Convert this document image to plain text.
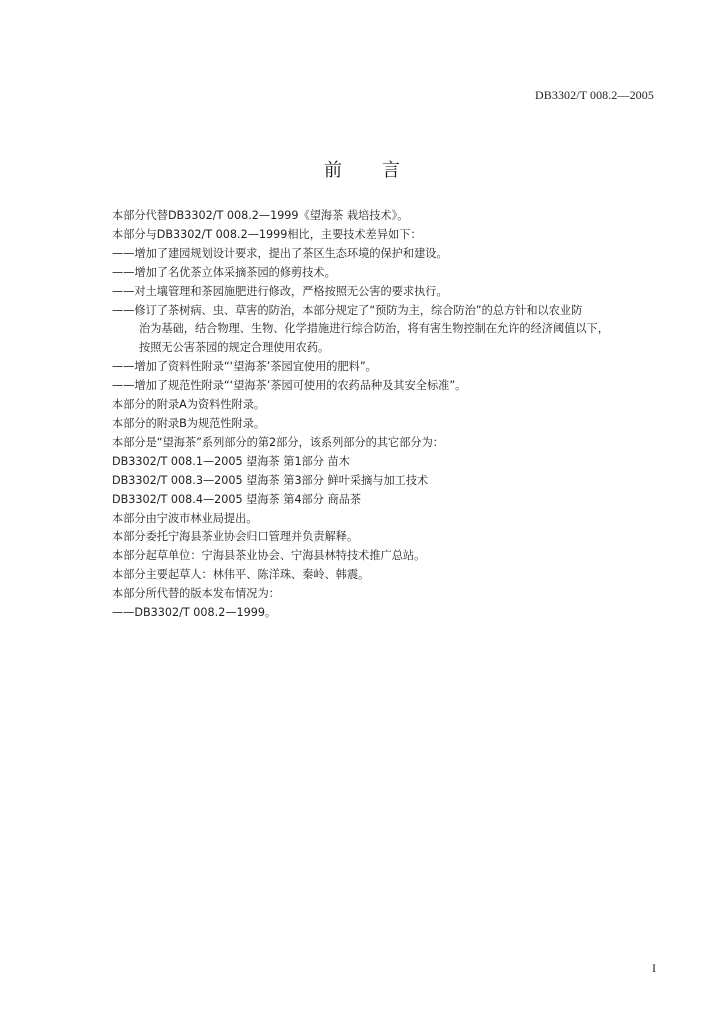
DB3302/T 008.2—2005
前言
本部分代替DB3302/T 008.2—1999《望海茶 栽培技术》。
本部分与DB3302/T 008.2—1999相比，主要技术差异如下：
——增加了建园规划设计要求，提出了茶区生态环境的保护和建设。
——增加了名优茶立体采摘茶园的修剪技术。
——对土壤管理和茶园施肥进行修改，严格按照无公害的要求执行。
——修订了茶树病、虫、草害的防治，本部分规定了“预防为主，综合防治”的总方针和以农业防
治为基础，结合物理、生物、化学措施进行综合防治，将有害生物控制在允许的经济阈值以下，
按照无公害茶园的规定合理使用农药。
——增加了资料性附录“‘望海茶’茶园宜使用的肥料”。
——增加了规范性附录“‘望海茶’茶园可使用的农药品种及其安全标准”。
本部分的附录A为资料性附录。
本部分的附录B为规范性附录。
本部分是“望海茶”系列部分的第2部分，该系列部分的其它部分为：
DB3302/T 008.1—2005 望海茶 第1部分 苗木
DB3302/T 008.3—2005 望海茶 第3部分 鲜叶采摘与加工技术
DB3302/T 008.4—2005 望海茶 第4部分 商品茶
本部分由宁波市林业局提出。
本部分委托宁海县茶业协会归口管理并负责解释。
本部分起草单位：宁海县茶业协会、宁海县林特技术推广总站。
本部分主要起草人：林伟平、陈洋珠、秦岭、韩震。
本部分所代替的版本发布情况为：
——DB3302/T 008.2—1999。
I
